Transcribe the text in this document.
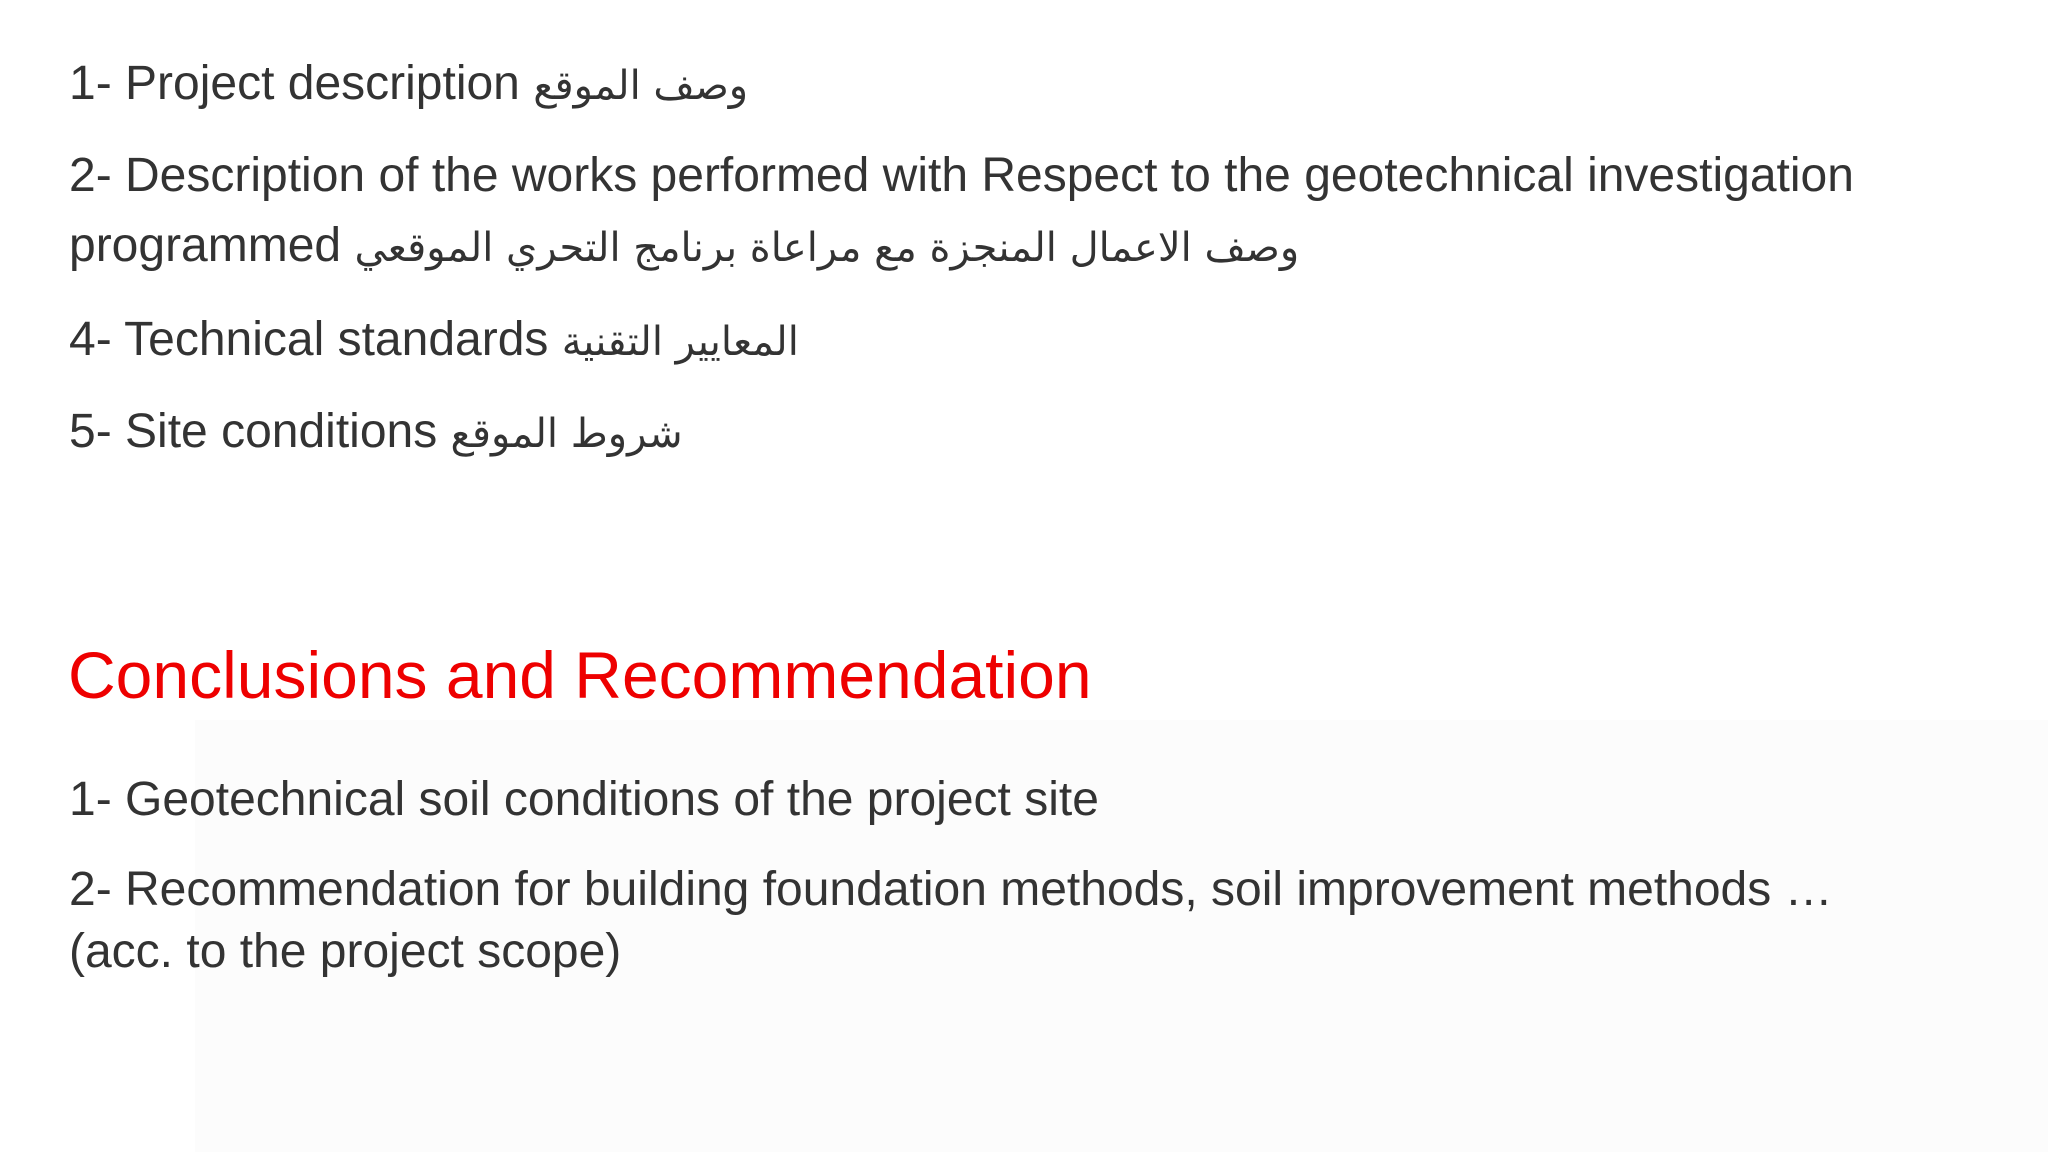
1- Project description وصف الموقع
2- Description of the works performed with Respect to the geotechnical investigation
programmed وصف الاعمال المنجزة مع مراعاة برنامج التحري الموقعي
4- Technical standards المعايير التقنية
5- Site conditions شروط الموقع
Conclusions and Recommendation
1- Geotechnical soil conditions of the project site
2- Recommendation for building foundation methods, soil improvement methods …
(acc. to the project scope)
